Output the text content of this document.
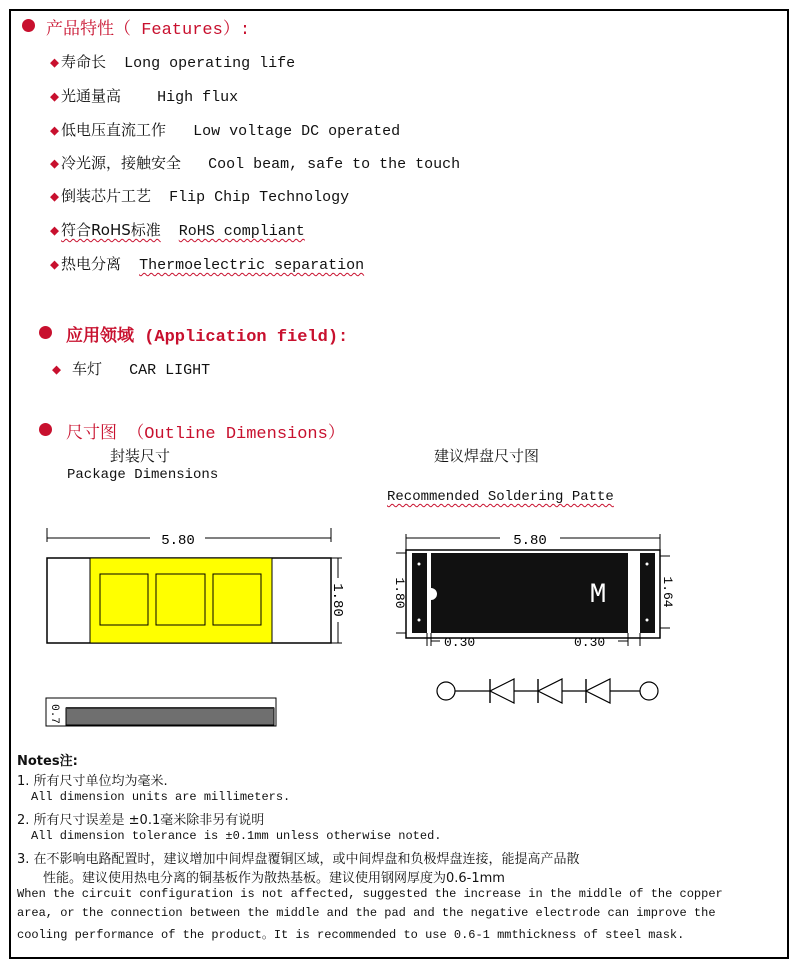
产品特性（ Features）:
◆ 寿命长 Long operating life
◆ 光通量高 High flux
◆ 低电压直流工作 Low voltage DC operated
◆ 冷光源，接触安全 Cool beam, safe to the touch
◆ 倒装芯片工艺 Flip Chip Technology
◆ 符合RoHS标准 RoHS compliant
◆ 热电分离 Thermoelectric separation
应用领域 (Application field):
◆ 车灯 CAR LIGHT
尺寸图 （Outline Dimensions）
封装尺寸
Package Dimensions
建议焊盘尺寸图
Recommended Soldering Patte
5.80
1.80
0.7
5.80
M
1.80	1.64
0.30	0.30
Notes注:
1. 所有尺寸单位均为毫米.
All dimension units are millimeters.
2. 所有尺寸误差是 ±0.1毫米除非另有说明
All dimension tolerance is ±0.1mm unless otherwise noted.
3. 在不影响电路配置时，建议增加中间焊盘覆铜区域，或中间焊盘和负极焊盘连接，能提高产品散
性能。建议使用热电分离的铜基板作为散热基板。建议使用钢网厚度为0.6-1mm
When the circuit configuration is not affected, suggested the increase in the middle of the copper
area, or the connection between the middle and the pad and the negative electrode can improve the
cooling performance of the product。It is recommended to use 0.6-1 mmthickness of steel mask.
